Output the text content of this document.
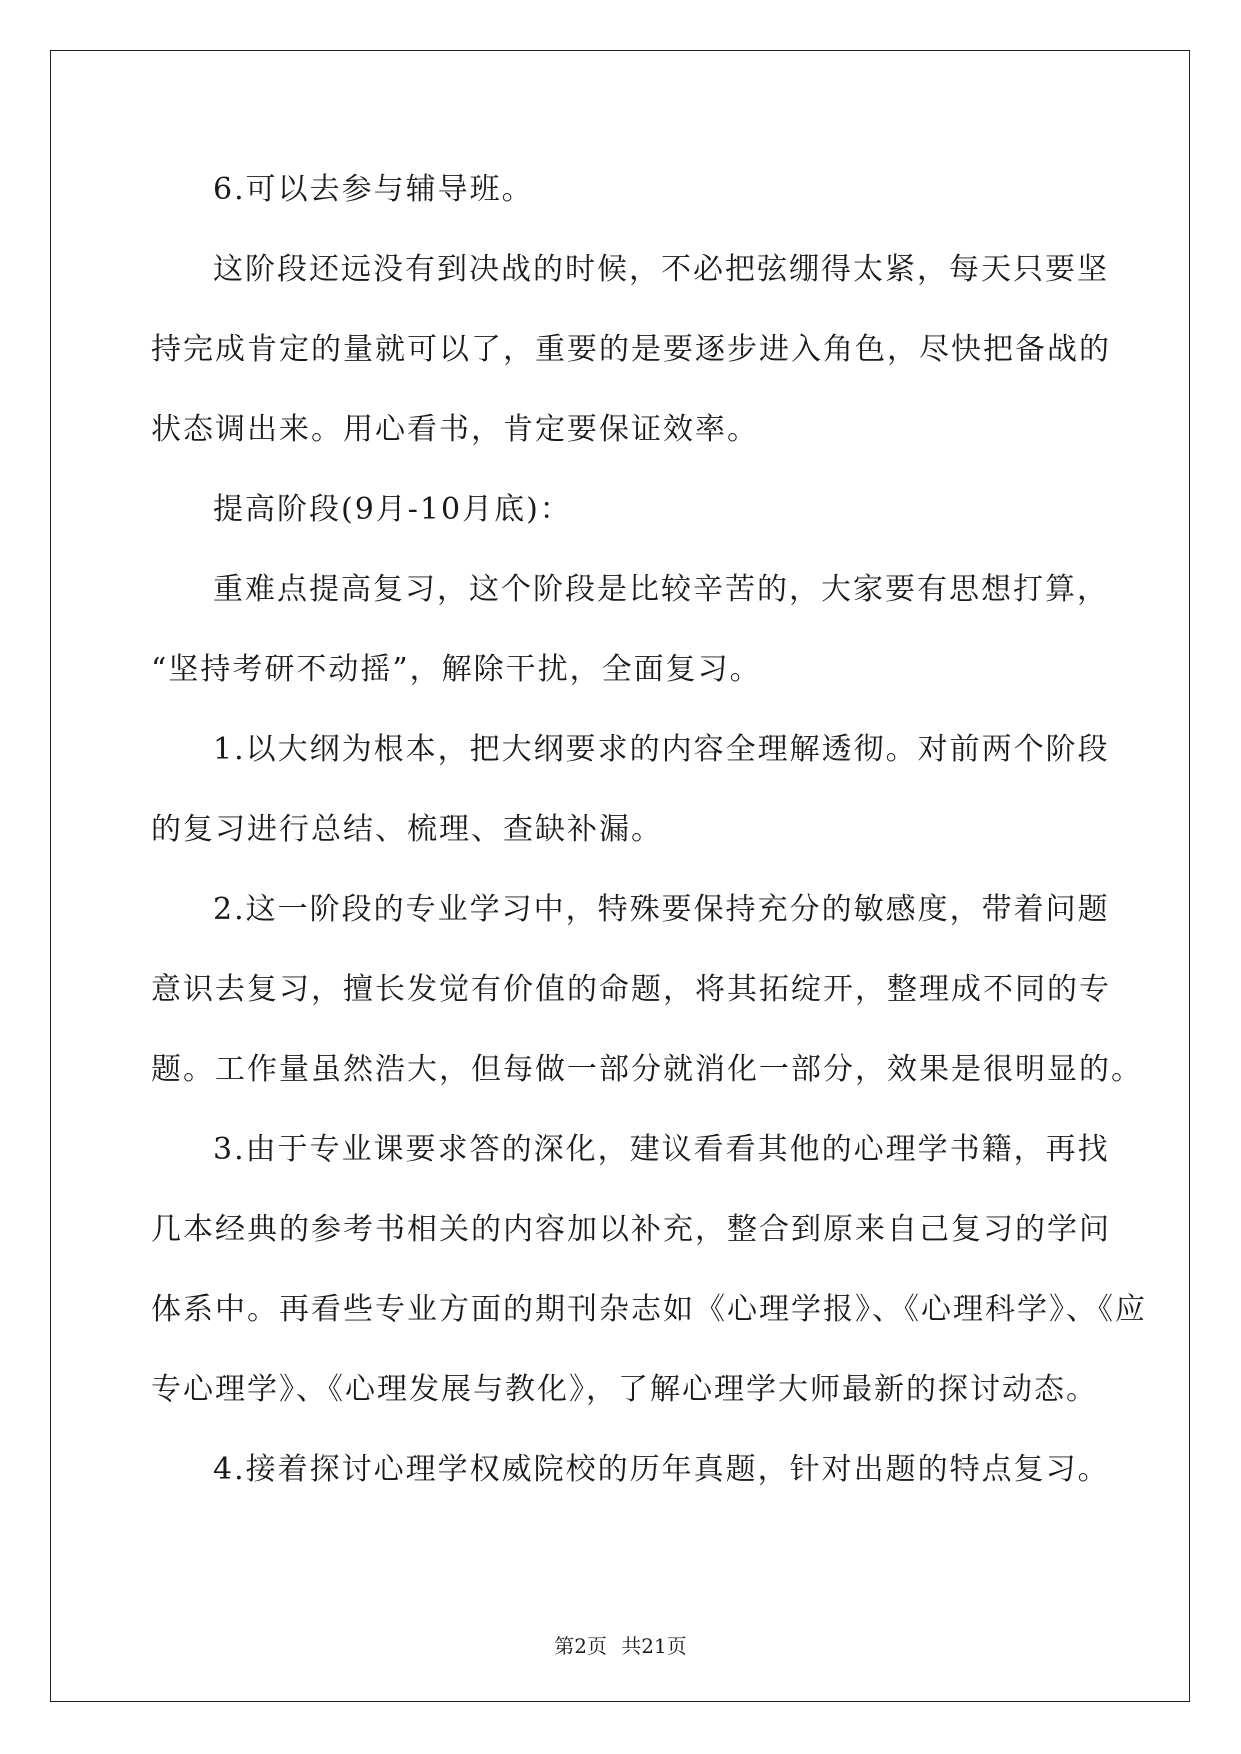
6.可以去参与辅导班。
这阶段还远没有到决战的时候，不必把弦绷得太紧，每天只要坚
持完成肯定的量就可以了，重要的是要逐步进入角色，尽快把备战的
状态调出来。用心看书，肯定要保证效率。
提高阶段(9月-10月底)：
重难点提高复习，这个阶段是比较辛苦的，大家要有思想打算，
“坚持考研不动摇”，解除干扰，全面复习。
1.以大纲为根本，把大纲要求的内容全理解透彻。对前两个阶段
的复习进行总结、梳理、查缺补漏。
2.这一阶段的专业学习中，特殊要保持充分的敏感度，带着问题
意识去复习，擅长发觉有价值的命题，将其拓绽开，整理成不同的专
题。工作量虽然浩大，但每做一部分就消化一部分，效果是很明显的。
3.由于专业课要求答的深化，建议看看其他的心理学书籍，再找
几本经典的参考书相关的内容加以补充，整合到原来自己复习的学问
体系中。再看些专业方面的期刊杂志如《心理学报》、《心理科学》、《应
专心理学》、《心理发展与教化》，了解心理学大师最新的探讨动态。
4.接着探讨心理学权威院校的历年真题，针对出题的特点复习。
第2页 共21页
